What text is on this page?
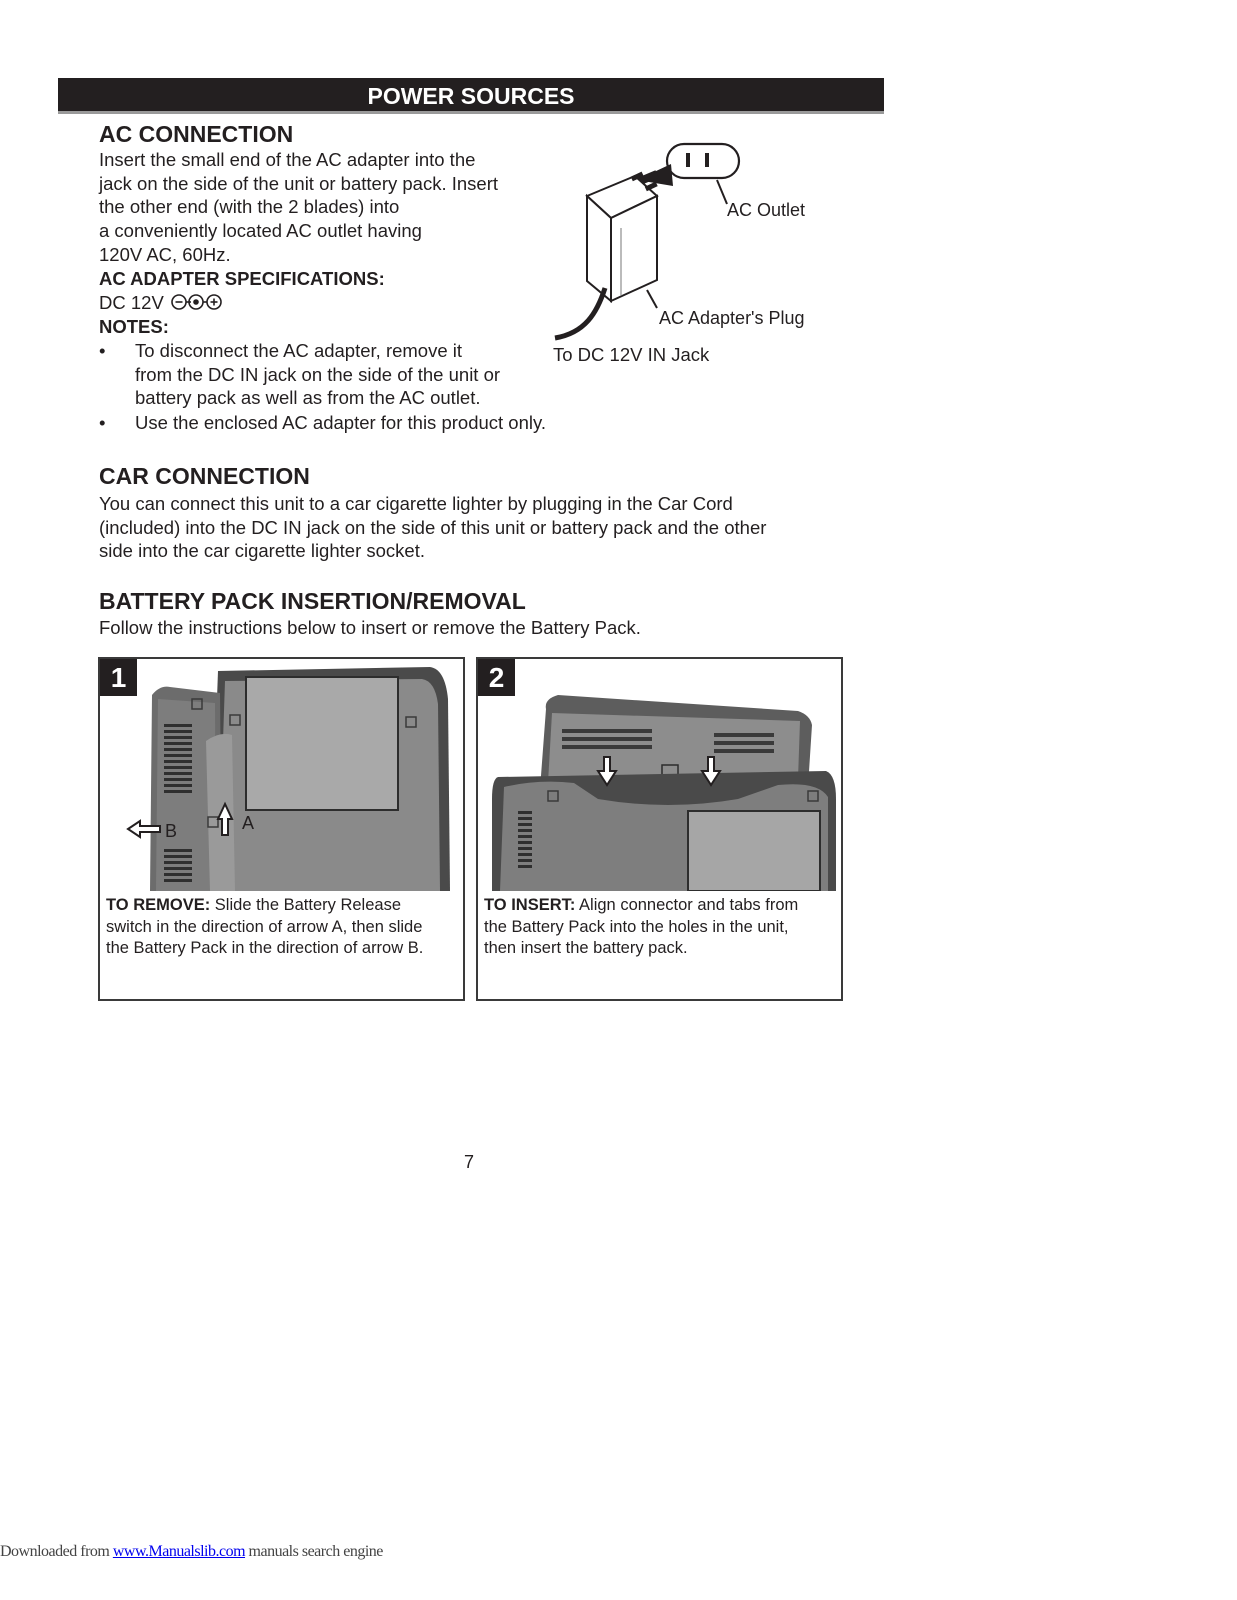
POWER SOURCES
AC CONNECTION
Insert the small end of the AC adapter into the
jack on the side of the unit or battery pack. Insert
the other end (with the 2 blades) into
a conveniently located AC outlet having
120V AC, 60Hz.
AC ADAPTER SPECIFICATIONS:
DC 12V
NOTES:
• To disconnect the AC adapter, remove it
from the DC IN jack on the side of the unit or
battery pack as well as from the AC outlet.
• Use the enclosed AC adapter for this product only.
AC Outlet
AC Adapter's Plug
To DC 12V IN Jack
CAR CONNECTION
You can connect this unit to a car cigarette lighter by plugging in the Car Cord
(included) into the DC IN jack on the side of this unit or battery pack and the other
side into the car cigarette lighter socket.
BATTERY PACK INSERTION/REMOVAL
Follow the instructions below to insert or remove the Battery Pack.
1
A
B
TO REMOVE: Slide the Battery Release
switch in the direction of arrow A, then slide
the Battery Pack in the direction of arrow B.
2
TO INSERT: Align connector and tabs from
the Battery Pack into the holes in the unit,
then insert the battery pack.
7
Downloaded from www.Manualslib.com manuals search engine
